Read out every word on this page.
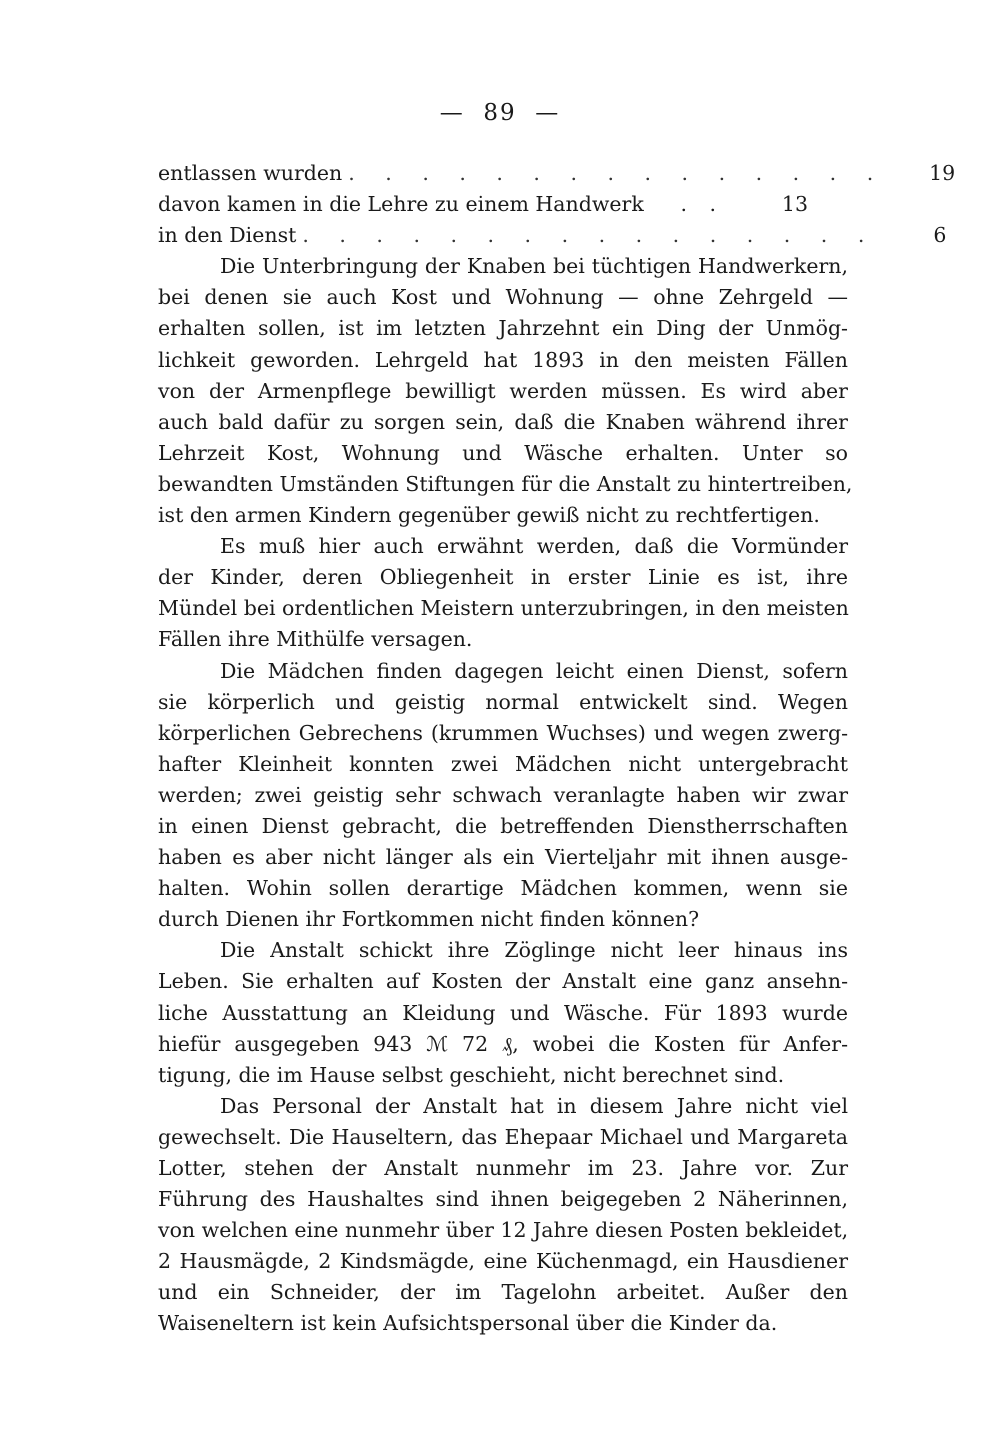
—  89  —
entlassen wurden . . . . . . . . . . . . . . .	19
davon kamen in die Lehre zu einem Handwerk	. .	13
in den Dienst . . . . . . . . . . . . . . . .	6
Die Unterbringung der Knaben bei tüchtigen Handwerkern,
bei denen sie auch Kost und Wohnung — ohne Zehrgeld —
erhalten sollen, ist im letzten Jahrzehnt ein Ding der Unmög-
lichkeit geworden. Lehrgeld hat 1893 in den meisten Fällen
von der Armenpflege bewilligt werden müssen. Es wird aber
auch bald dafür zu sorgen sein, daß die Knaben während ihrer
Lehrzeit Kost, Wohnung und Wäsche erhalten. Unter so
bewandten Umständen Stiftungen für die Anstalt zu hintertreiben,
ist den armen Kindern gegenüber gewiß nicht zu rechtfertigen.
Es muß hier auch erwähnt werden, daß die Vormünder
der Kinder, deren Obliegenheit in erster Linie es ist, ihre
Mündel bei ordentlichen Meistern unterzubringen, in den meisten
Fällen ihre Mithülfe versagen.
Die Mädchen finden dagegen leicht einen Dienst, sofern
sie körperlich und geistig normal entwickelt sind. Wegen
körperlichen Gebrechens (krummen Wuchses) und wegen zwerg-
hafter Kleinheit konnten zwei Mädchen nicht untergebracht
werden; zwei geistig sehr schwach veranlagte haben wir zwar
in einen Dienst gebracht, die betreffenden Dienstherrschaften
haben es aber nicht länger als ein Vierteljahr mit ihnen ausge-
halten. Wohin sollen derartige Mädchen kommen, wenn sie
durch Dienen ihr Fortkommen nicht finden können?
Die Anstalt schickt ihre Zöglinge nicht leer hinaus ins
Leben. Sie erhalten auf Kosten der Anstalt eine ganz ansehn-
liche Ausstattung an Kleidung und Wäsche. Für 1893 wurde
hiefür ausgegeben 943 ℳ 72 ₰, wobei die Kosten für Anfer-
tigung, die im Hause selbst geschieht, nicht berechnet sind.
Das Personal der Anstalt hat in diesem Jahre nicht viel
gewechselt. Die Hauseltern, das Ehepaar Michael und Margareta
Lotter, stehen der Anstalt nunmehr im 23. Jahre vor. Zur
Führung des Haushaltes sind ihnen beigegeben 2 Näherinnen,
von welchen eine nunmehr über 12 Jahre diesen Posten bekleidet,
2 Hausmägde, 2 Kindsmägde, eine Küchenmagd, ein Hausdiener
und ein Schneider, der im Tagelohn arbeitet. Außer den
Waiseneltern ist kein Aufsichtspersonal über die Kinder da.
